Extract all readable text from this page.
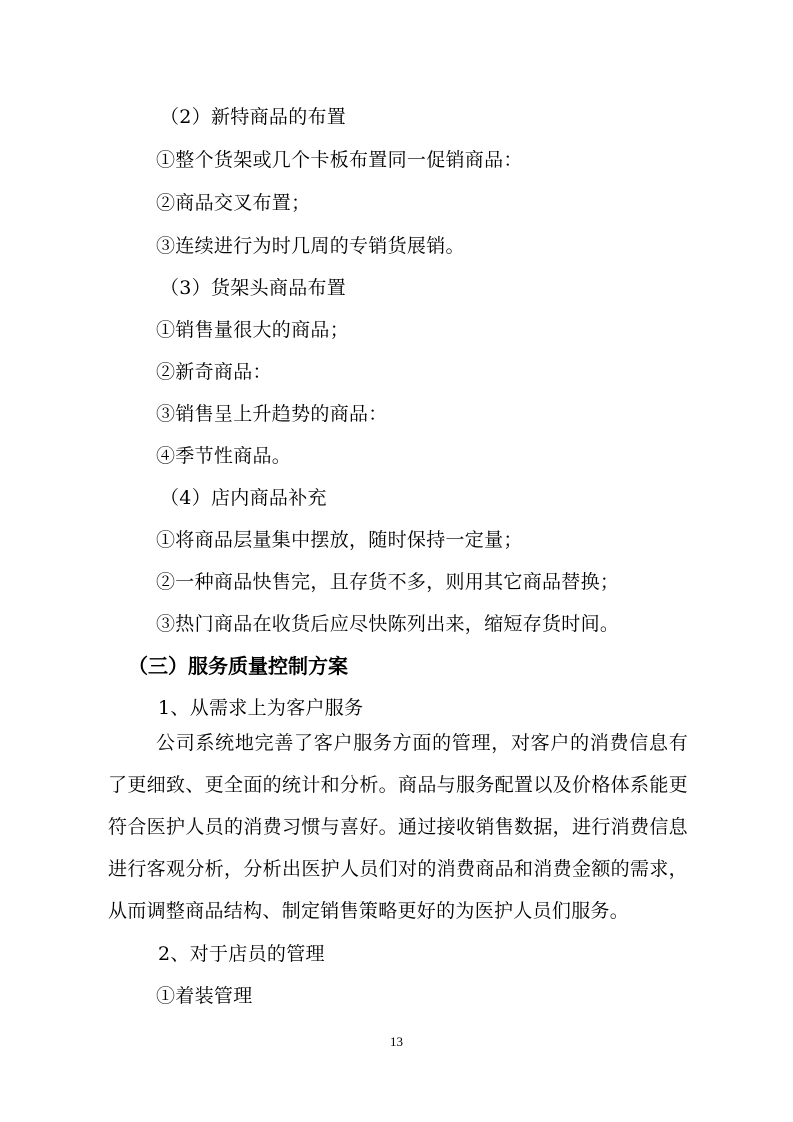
（2）新特商品的布置
①整个货架或几个卡板布置同一促销商品：
②商品交叉布置；
③连续进行为时几周的专销货展销。
（3）货架头商品布置
①销售量很大的商品；
②新奇商品：
③销售呈上升趋势的商品：
④季节性商品。
（4）店内商品补充
①将商品层量集中摆放，随时保持一定量；
②一种商品快售完，且存货不多，则用其它商品替换；
③热门商品在收货后应尽快陈列出来，缩短存货时间。
（三）服务质量控制方案
1、从需求上为客户服务
公司系统地完善了客户服务方面的管理，对客户的消费信息有了更细致、更全面的统计和分析。商品与服务配置以及价格体系能更符合医护人员的消费习惯与喜好。通过接收销售数据，进行消费信息进行客观分析，分析出医护人员们对的消费商品和消费金额的需求，从而调整商品结构、制定销售策略更好的为医护人员们服务。
2、对于店员的管理
①着装管理
13
